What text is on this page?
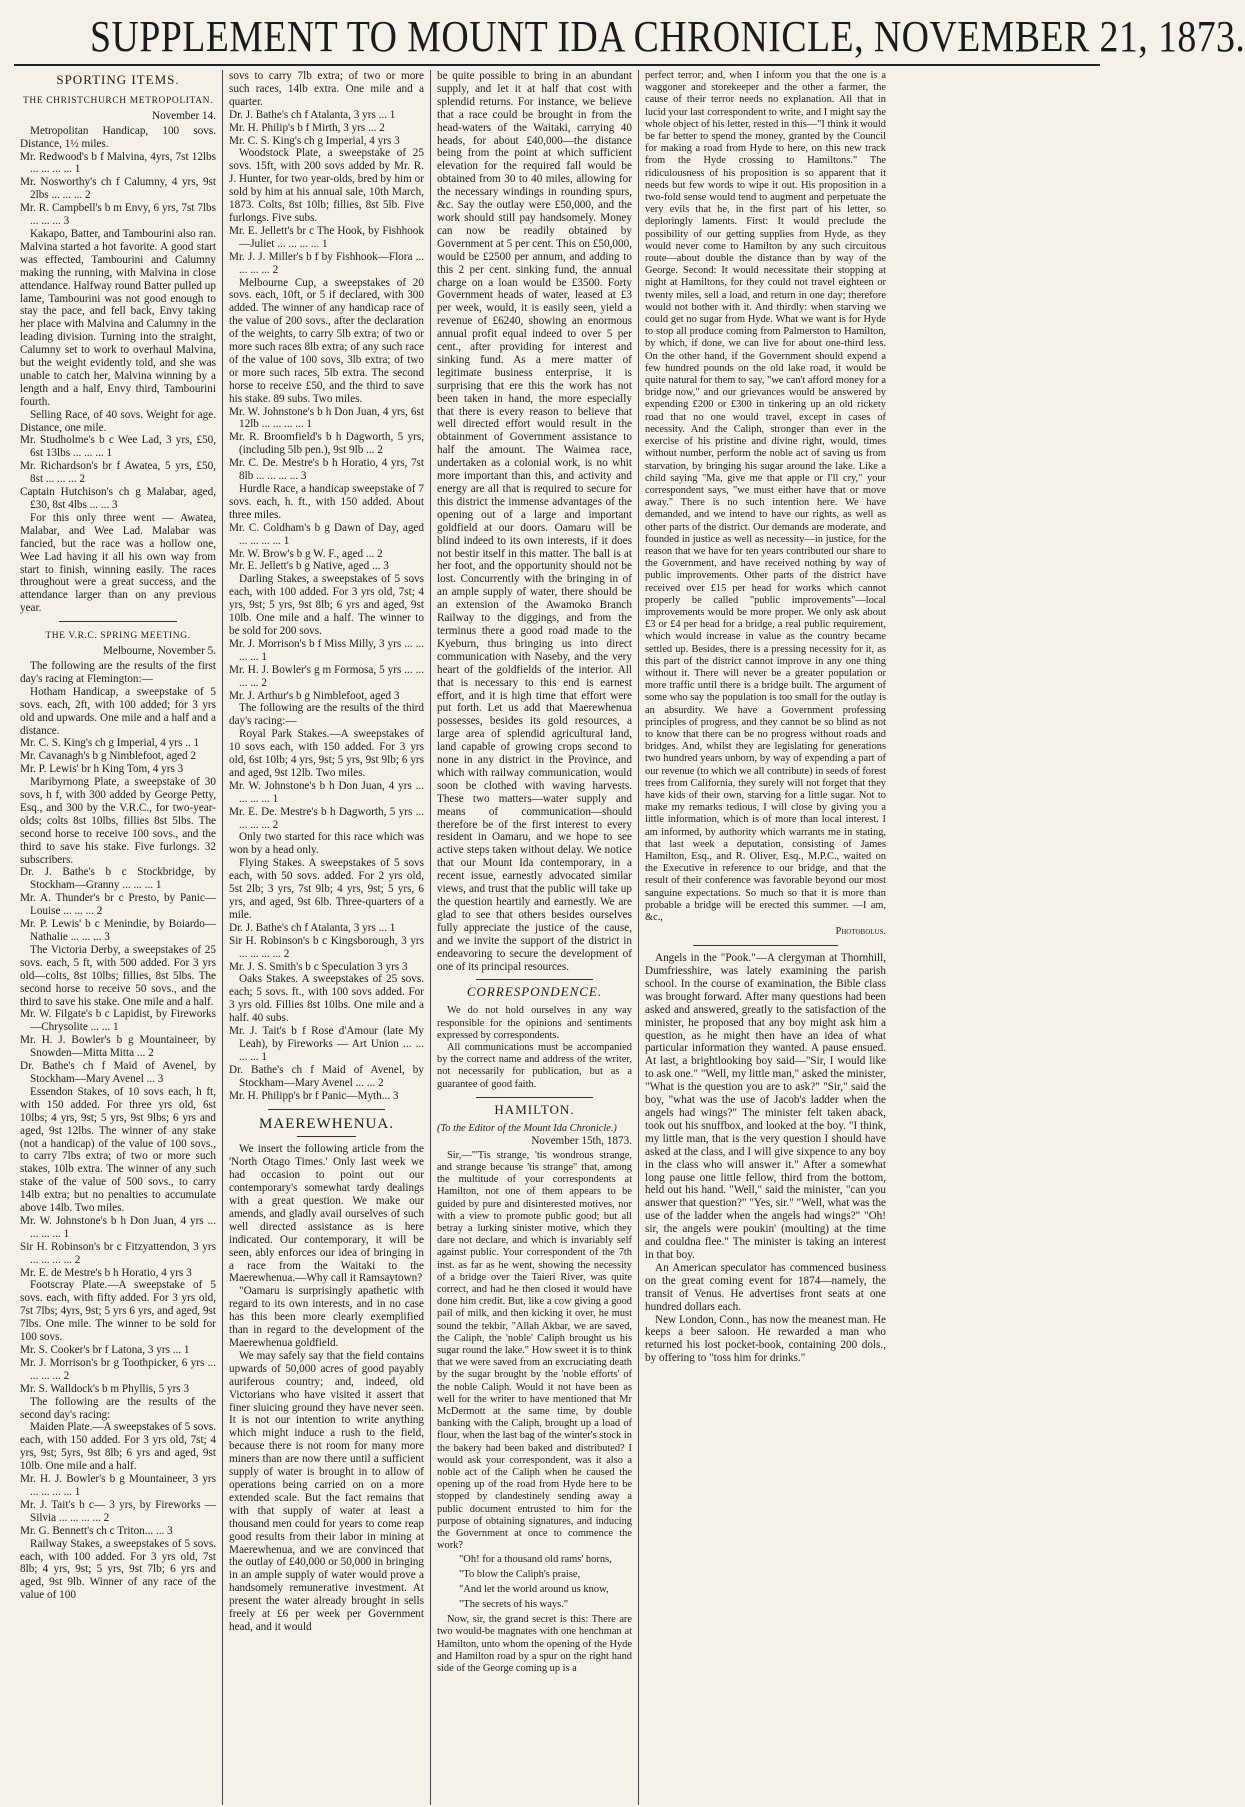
SUPPLEMENT TO MOUNT IDA CHRONICLE, NOVEMBER 21, 1873.
SPORTING ITEMS.
THE CHRISTCHURCH METROPOLITAN.
November 14.

Metropolitan Handicap, 100 sovs. Distance, 1½ miles.

Mr. Redwood's b f Malvina, 4yrs, 7st 12lbs ... ... ... ... 1

Mr. Nosworthy's ch f Calumny, 4 yrs, 9st 2lbs ... ... ... 2

Mr. R. Campbell's b m Envy, 6 yrs, 7st 7lbs ... ... ... 3

Kakapo, Batter, and Tambourini also ran. Malvina started a hot favorite. A good start was effected, Tambourini and Calumny making the running, with Malvina in close attendance. Halfway round Batter pulled up lame, Tambourini was not good enough to stay the pace, and fell back, Envy taking her place with Malvina and Calumny in the leading division. Turning into the straight, Calumny set to work to overhaul Malvina, but the weight evidently told, and she was unable to catch her, Malvina winning by a length and a half, Envy third, Tambourini fourth.

Selling Race, of 40 sovs. Weight for age. Distance, one mile.

Mr. Studholme's b c Wee Lad, 3 yrs, £50, 6st 13lbs ... ... ... 1

Mr. Richardson's br f Awatea, 5 yrs, £50, 8st ... ... ... 2

Captain Hutchison's ch g Malabar, aged, £30, 8st 4lbs ... ... 3

For this only three went — Awatea, Malabar, and Wee Lad. Malabar was fancied, but the race was a hollow one, Wee Lad having it all his own way from start to finish, winning easily. The races throughout were a great success, and the attendance larger than on any previous year.

THE V.R.C. SPRING MEETING.
Melbourne, November 5.

The following are the results of the first day's racing at Flemington:—

Hotham Handicap, a sweepstake of 5 sovs. each, 2ft, with 100 added; for 3 yrs old and upwards. One mile and a half and a distance.

Mr. C. S. King's ch g Imperial, 4 yrs .. 1

Mr. Cavanagh's b g Nimblefoot, aged 2

Mr. P. Lewis' br h King Tom, 4 yrs 3

Maribyrnong Plate, a sweepstake of 30 sovs, h f, with 300 added by George Petty, Esq., and 300 by the V.R.C., for two-year-olds; colts 8st 10lbs, fillies 8st 5lbs. The second horse to receive 100 sovs., and the third to save his stake. Five furlongs. 32 subscribers.

Dr. J. Bathe's b c Stockbridge, by Stockham—Granny ... ... ... 1

Mr. A. Thunder's br c Presto, by Panic—Louise ... ... ... 2

Mr. P. Lewis' b c Menindie, by Boiardo—Nathalie ... ... ... 3

The Victoria Derby, a sweepstakes of 25 sovs. each, 5 ft, with 500 added. For 3 yrs old—colts, 8st 10lbs; fillies, 8st 5lbs. The second horse to receive 50 sovs., and the third to save his stake. One mile and a half.

Mr. W. Filgate's b c Lapidist, by Fireworks—Chrysolite ... ... 1

Mr. H. J. Bowler's b g Mountaineer, by Snowden—Mitta Mitta ... 2

Dr. Bathe's ch f Maid of Avenel, by Stockham—Mary Avenel ... 3

Essendon Stakes, of 10 sovs each, h ft, with 150 added. For three yrs old, 6st 10lbs; 4 yrs, 9st; 5 yrs, 9st 9lbs; 6 yrs and aged, 9st 12lbs. The winner of any stake (not a handicap) of the value of 100 sovs., to carry 7lbs extra; of two or more such stakes, 10lb extra. The winner of any such stake of the value of 500 sovs., to carry 14lb extra; but no penalties to accumulate above 14lb. Two miles.

Mr. W. Johnstone's b h Don Juan, 4 yrs ... ... ... ... 1

Sir H. Robinson's br c Fitzyattendon, 3 yrs ... ... ... ... 2

Mr. E. de Mestre's b h Horatio, 4 yrs 3

Footscray Plate.—A sweepstake of 5 sovs. each, with fifty added. For 3 yrs old, 7st 7lbs; 4yrs, 9st; 5 yrs 6 yrs, and aged, 9st 7lbs. One mile. The winner to be sold for 100 sovs.

Mr. S. Cooker's br f Latona, 3 yrs ... 1

Mr. J. Morrison's br g Toothpicker, 6 yrs ... ... ... ... 2

Mr. S. Walldock's b m Phyllis, 5 yrs 3

The following are the results of the second day's racing:

Maiden Plate.—A sweepstakes of 5 sovs. each, with 150 added. For 3 yrs old, 7st; 4 yrs, 9st; 5yrs, 9st 8lb; 6 yrs and aged, 9st 10lb. One mile and a half.

Mr. H. J. Bowler's b g Mountaineer, 3 yrs ... ... ... ... 1

Mr. J. Tait's b c— 3 yrs, by Fireworks —Silvia ... ... ... ... 2

Mr. G. Bennett's ch c Triton... ... 3

Railway Stakes, a sweepstakes of 5 sovs. each, with 100 added. For 3 yrs old, 7st 8lb; 4 yrs, 9st; 5 yrs, 9st 7lb; 6 yrs and aged, 9st 9lb. Winner of any race of the value of 100

sovs to carry 7lb extra; of two or more such races, 14lb extra. One mile and a quarter.

Dr. J. Bathe's ch f Atalanta, 3 yrs ... 1

Mr. H. Philip's b f Mirth, 3 yrs ... 2

Mr. C. S. King's ch g Imperial, 4 yrs 3

Woodstock Plate, a sweepstake of 25 sovs. 15ft, with 200 sovs added by Mr. R. J. Hunter, for two year-olds, bred by him or sold by him at his annual sale, 10th March, 1873. Colts, 8st 10lb; fillies, 8st 5lb. Five furlongs. Five subs.

Mr. E. Jellett's br c The Hook, by Fishhook—Juliet ... ... ... ... 1

Mr. J. J. Miller's b f by Fishhook—Flora ... ... ... ... 2

Melbourne Cup, a sweepstakes of 20 sovs. each, 10ft, or 5 if declared, with 300 added. The winner of any handicap race of the value of 200 sovs., after the declaration of the weights, to carry 5lb extra; of two or more such races 8lb extra; of any such race of the value of 100 sovs, 3lb extra; of two or more such races, 5lb extra. The second horse to receive £50, and the third to save his stake. 89 subs. Two miles.

Mr. W. Johnstone's b h Don Juan, 4 yrs, 6st 12lb ... ... ... ... 1

Mr. R. Broomfield's b h Dagworth, 5 yrs, (including 5lb pen.), 9st 9lb ... 2

Mr. C. De. Mestre's b h Horatio, 4 yrs, 7st 8lb ... ... ... ... 3

Hurdle Race, a handicap sweepstake of 7 sovs. each, h. ft., with 150 added. About three miles.

Mr. C. Coldham's b g Dawn of Day, aged ... ... ... ... 1

Mr. W. Brow's b g W. F., aged ... 2

Mr. E. Jellett's b g Native, aged ... 3

Darling Stakes, a sweepstakes of 5 sovs each, with 100 added. For 3 yrs old, 7st; 4 yrs, 9st; 5 yrs, 9st 8lb; 6 yrs and aged, 9st 10lb. One mile and a half. The winner to be sold for 200 sovs.

Mr. J. Morrison's b f Miss Milly, 3 yrs ... ... ... ... 1

Mr. H. J. Bowler's g m Formosa, 5 yrs ... ... ... ... 2

Mr. J. Arthur's b g Nimblefoot, aged 3

The following are the results of the third day's racing:—

Royal Park Stakes.—A sweepstakes of 10 sovs each, with 150 added. For 3 yrs old, 6st 10lb; 4 yrs, 9st; 5 yrs, 9st 9lb; 6 yrs and aged, 9st 12lb. Two miles.

Mr. W. Johnstone's b h Don Juan, 4 yrs ... ... ... ... 1

Mr. E. De. Mestre's b h Dagworth, 5 yrs ... ... ... ... 2

Only two started for this race which was won by a head only.

Flying Stakes. A sweepstakes of 5 sovs each, with 50 sovs. added. For 2 yrs old, 5st 2lb; 3 yrs, 7st 9lb; 4 yrs, 9st; 5 yrs, 6 yrs, and aged, 9st 6lb. Three-quarters of a mile.

Dr. J. Bathe's ch f Atalanta, 3 yrs ... 1

Sir H. Robinson's b c Kingsborough, 3 yrs ... ... ... ... 2

Mr. J. S. Smith's b c Speculation 3 yrs 3

Oaks Stakes. A sweepstakes of 25 sovs. each; 5 sovs. ft., with 100 sovs added. For 3 yrs old. Fillies 8st 10lbs. One mile and a half. 40 subs.

Mr. J. Tait's b f Rose d'Amour (late My Leah), by Fireworks — Art Union ... ... ... ... 1

Dr. Bathe's ch f Maid of Avenel, by Stockham—Mary Avenel ... ... 2

Mr. H. Philipp's br f Panic—Myth... 3

MAEREWHENUA.

We insert the following article from the 'North Otago Times.' Only last week we had occasion to point out our contemporary's somewhat tardy dealings with a great question. We make our amends, and gladly avail ourselves of such well directed assistance as is here indicated. Our contemporary, it will be seen, ably enforces our idea of bringing in a race from the Waitaki to the Maerewhenua.—Why call it Ramsaytown?

"Oamaru is surprisingly apathetic with regard to its own interests, and in no case has this been more clearly exemplified than in regard to the development of the Maerewhenua goldfield.

We may safely say that the field contains upwards of 50,000 acres of good payably auriferous country; and, indeed, old Victorians who have visited it assert that finer sluicing ground they have never seen. It is not our intention to write anything which might induce a rush to the field, because there is not room for many more miners than are now there until a sufficient supply of water is brought in to allow of operations being carried on on a more extended scale. But the fact remains that with that supply of water at least a thousand men could for years to come reap good results from their labor in mining at Maerewhenua, and we are convinced that the outlay of £40,000 or 50,000 in bringing in an ample supply of water would prove a handsomely remunerative investment. At present the water already brought in sells freely at £6 per week per Government head, and it would

be quite possible to bring in an abundant supply, and let it at half that cost with splendid returns. For instance, we believe that a race could be brought in from the head-waters of the Waitaki, carrying 40 heads, for about £40,000—the distance being from the point at which sufficient elevation for the required fall would be obtained from 30 to 40 miles, allowing for the necessary windings in rounding spurs, &c. Say the outlay were £50,000, and the work should still pay handsomely. Money can now be readily obtained by Government at 5 per cent. This on £50,000, would be £2500 per annum, and adding to this 2 per cent. sinking fund, the annual charge on a loan would be £3500. Forty Government heads of water, leased at £3 per week, would, it is easily seen, yield a revenue of £6240, showing an enormous annual profit equal indeed to over 5 per cent., after providing for interest and sinking fund. As a mere matter of legitimate business enterprise, it is surprising that ere this the work has not been taken in hand, the more especially that there is every reason to believe that well directed effort would result in the obtainment of Government assistance to half the amount. The Waimea race, undertaken as a colonial work, is no whit more important than this, and activity and energy are all that is required to secure for this district the immense advantages of the opening out of a large and important goldfield at our doors. Oamaru will be blind indeed to its own interests, if it does not bestir itself in this matter. The ball is at her foot, and the opportunity should not be lost. Concurrently with the bringing in of an ample supply of water, there should be an extension of the Awamoko Branch Railway to the diggings, and from the terminus there a good road made to the Kyeburn, thus bringing us into direct communication with Naseby, and the very heart of the goldfields of the interior. All that is necessary to this end is earnest effort, and it is high time that effort were put forth. Let us add that Maerewhenua possesses, besides its gold resources, a large area of splendid agricultural land, land capable of growing crops second to none in any district in the Province, and which with railway communication, would soon be clothed with waving harvests. These two matters—water supply and means of communication—should therefore be of the first interest to every resident in Oamaru, and we hope to see active steps taken without delay. We notice that our Mount Ida contemporary, in a recent issue, earnestly advocated similar views, and trust that the public will take up the question heartily and earnestly. We are glad to see that others besides ourselves fully appreciate the justice of the cause, and we invite the support of the district in endeavoring to secure the development of one of its principal resources.

CORRESPONDENCE.

We do not hold ourselves in any way responsible for the opinions and sentiments expressed by correspondents.

All communications must be accompanied by the correct name and address of the writer, not necessarily for publication, but as a guarantee of good faith.

HAMILTON.

(To the Editor of the Mount Ida Chronicle.)

November 15th, 1873.

Sir,—"'Tis strange, 'tis wondrous strange, and strange because 'tis strange" that, among the multitude of your correspondents at Hamilton, not one of them appears to be guided by pure and disinterested motives, nor with a view to promote public good; but all betray a lurking sinister motive, which they dare not declare, and which is invariably self against public. Your correspondent of the 7th inst. as far as he went, showing the necessity of a bridge over the Taieri River, was quite correct, and had he then closed it would have done him credit. But, like a cow giving a good pail of milk, and then kicking it over, he must sound the tekbir, "Allah Akbar, we are saved, the Caliph, the 'noble' Caliph brought us his sugar round the lake." How sweet it is to think that we were saved from an excruciating death by the sugar brought by the 'noble efforts' of the noble Caliph. Would it not have been as well for the writer to have mentioned that Mr McDermott at the same time, by double banking with the Caliph, brought up a load of flour, when the last bag of the winter's stock in the bakery had been baked and distributed? I would ask your correspondent, was it also a noble act of the Caliph when he caused the opening up of the road from Hyde here to be stopped by clandestinely sending away a public document entrusted to him for the purpose of obtaining signatures, and inducing the Government at once to commence the work?

"Oh! for a thousand old rams' horns,

"To blow the Caliph's praise,

"And let the world around us know,

"The secrets of his ways."

Now, sir, the grand secret is this: There are two would-be magnates with one henchman at Hamilton, unto whom the opening of the Hyde and Hamilton road by a spur on the right hand side of the George coming up is a

perfect terror; and, when I inform you that the one is a waggoner and storekeeper and the other a farmer, the cause of their terror needs no explanation. All that in lucid your last correspondent to write, and I might say the whole object of his letter, rested in this—"I think it would be far better to spend the money, granted by the Council for making a road from Hyde to here, on this new track from the Hyde crossing to Hamiltons." The ridiculousness of his proposition is so apparent that it needs but few words to wipe it out. His proposition in a two-fold sense would tend to augment and perpetuate the very evils that he, in the first part of his letter, so deploringly laments. First: It would preclude the possibility of our getting supplies from Hyde, as they would never come to Hamilton by any such circuitous route—about double the distance than by way of the George. Second: It would necessitate their stopping at night at Hamiltons, for they could not travel eighteen or twenty miles, sell a load, and return in one day; therefore would not bother with it. And thirdly: when starving we could get no sugar from Hyde. What we want is for Hyde to stop all produce coming from Palmerston to Hamilton, by which, if done, we can live for about one-third less. On the other hand, if the Government should expend a few hundred pounds on the old lake road, it would be quite natural for them to say, "we can't afford money for a bridge now," and our grievances would be answered by expending £200 or £300 in tinkering up an old rickety road that no one would travel, except in cases of necessity. And the Caliph, stronger than ever in the exercise of his pristine and divine right, would, times without number, perform the noble act of saving us from starvation, by bringing his sugar around the lake. Like a child saying "Ma, give me that apple or I'll cry," your correspondent says, "we must either have that or move away." There is no such intention here. We have demanded, and we intend to have our rights, as well as other parts of the district. Our demands are moderate, and founded in justice as well as necessity—in justice, for the reason that we have for ten years contributed our share to the Government, and have received nothing by way of public improvements. Other parts of the district have received over £15 per head for works which cannot properly be called "public improvements"—local improvements would be more proper. We only ask about £3 or £4 per head for a bridge, a real public requirement, which would increase in value as the country became settled up. Besides, there is a pressing necessity for it, as this part of the district cannot improve in any one thing without it. There will never be a greater population or more traffic until there is a bridge built. The argument of some who say the population is too small for the outlay is an absurdity. We have a Government professing principles of progress, and they cannot be so blind as not to know that there can be no progress without roads and bridges. And, whilst they are legislating for generations two hundred years unborn, by way of expending a part of our revenue (to which we all contribute) in seeds of forest trees from California, they surely will not forget that they have kids of their own, starving for a little sugar. Not to make my remarks tedious, I will close by giving you a little information, which is of more than local interest. I am informed, by authority which warrants me in stating, that last week a deputation, consisting of James Hamilton, Esq., and R. Oliver, Esq., M.P.C., waited on the Executive in reference to our bridge, and that the result of their conference was favorable beyond our most sanguine expectations. So much so that it is more than probable a bridge will be erected this summer. —I am, &c.,

Photobolus.

Angels in the "Pook."—A clergyman at Thornhill, Dumfriesshire, was lately examining the parish school. In the course of examination, the Bible class was brought forward. After many questions had been asked and answered, greatly to the satisfaction of the minister, he proposed that any boy might ask him a question, as he might then have an idea of what particular information they wanted. A pause ensued. At last, a brightlooking boy said—"Sir, I would like to ask one." "Well, my little man," asked the minister, "What is the question you are to ask?" "Sir," said the boy, "what was the use of Jacob's ladder when the angels had wings?" The minister felt taken aback, took out his snuffbox, and looked at the boy. "I think, my little man, that is the very question I should have asked at the class, and I will give sixpence to any boy in the class who will answer it." After a somewhat long pause one little fellow, third from the bottom, held out his hand. "Well," said the minister, "can you answer that question?" "Yes, sir." "Well, what was the use of the ladder when the angels had wings?" "Oh! sir, the angels were poukin' (moulting) at the time and couldna flee." The minister is taking an interest in that boy.

An American speculator has commenced business on the great coming event for 1874—namely, the transit of Venus. He advertises front seats at one hundred dollars each.

New London, Conn., has now the meanest man. He keeps a beer saloon. He rewarded a man who returned his lost pocket-book, containing 200 dols., by offering to "toss him for drinks."
